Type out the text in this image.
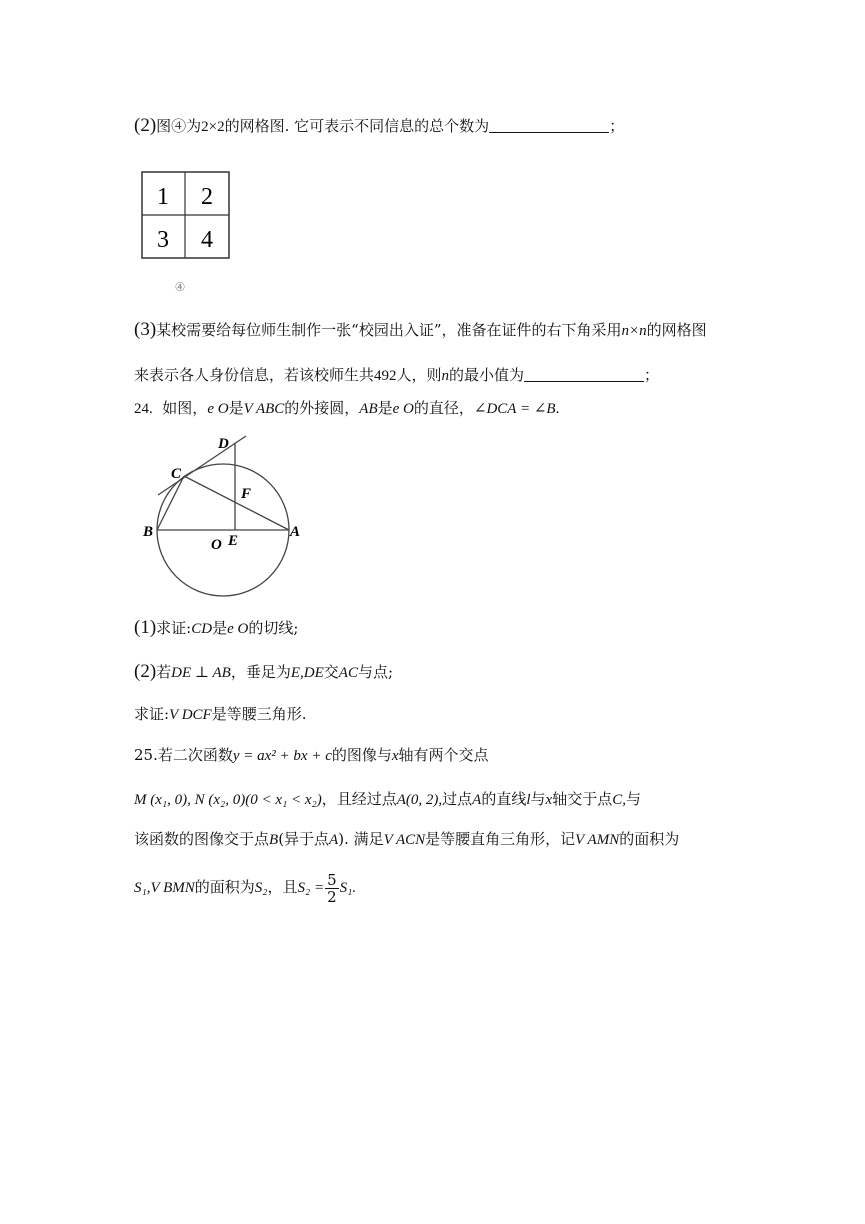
(2)图④为2×2的网格图. 它可表示不同信息的总个数为	；
1 2
3 4
④
(3)某校需要给每位师生制作一张“校园出入证”，准备在证件的右下角采用n×n的网格图
来表示各人身份信息，若该校师生共492人，则n的最小值为	；
24. 如图，e O是V ABC的外接圆，AB是e O的直径，∠DCA = ∠B.
C
D
F
B
O E
A
(1)求证:CD是e O的切线;
(2)若DE ⊥ AB，垂足为E,DE交AC与点;
求证:V DCF是等腰三角形.
25.若二次函数y = ax² + bx + c的图像与x轴有两个交点
M (x₁, 0), N (x₂, 0)(0 < x₁ < x₂)，且经过点A(0, 2),过点A的直线l与x轴交于点C,与
该函数的图像交于点B(异于点A). 满足V ACN是等腰直角三角形，记V AMN的面积为
S₁,V BMN的面积为S₂，且$S_2 = \frac{5}{2} S_1$.
